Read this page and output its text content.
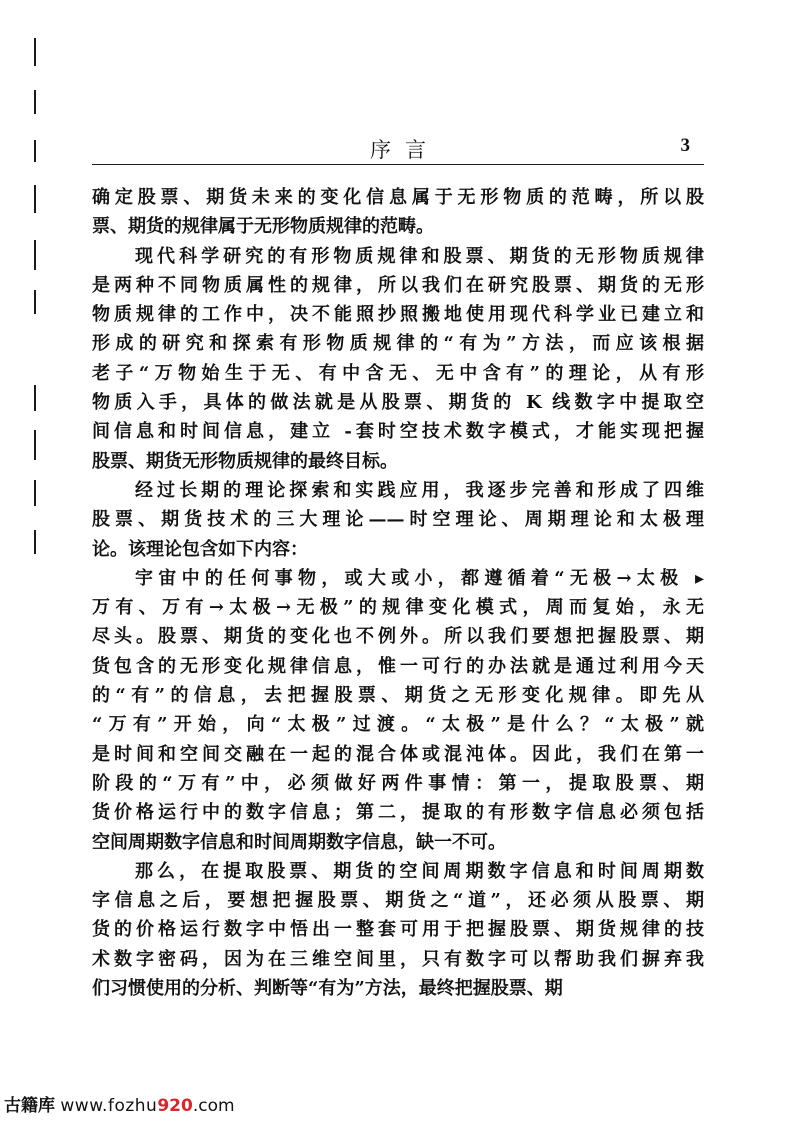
序言	3
确定股票、期货未来的变化信息属于无形物质的范畴，所以股
票、期货的规律属于无形物质规律的范畴。
现代科学研究的有形物质规律和股票、期货的无形物质规律
是两种不同物质属性的规律，所以我们在研究股票、期货的无形
物质规律的工作中，决不能照抄照搬地使用现代科学业已建立和
形成的研究和探索有形物质规律的“有为”方法，而应该根据
老子“万物始生于无、有中含无、无中含有”的理论，从有形
物质入手，具体的做法就是从股票、期货的 K 线数字中提取空
间信息和时间信息，建立 -套时空技术数字模式，才能实现把握
股票、期货无形物质规律的最终目标。
经过长期的理论探索和实践应用，我逐步完善和形成了四维
股票、期货技术的三大理论——时空理论、周期理论和太极理
论。该理论包含如下内容：
宇宙中的任何事物，或大或小，都遵循着“无极→太极 ▸
万有、万有→太极→无极”的规律变化模式，周而复始，永无
尽头。股票、期货的变化也不例外。所以我们要想把握股票、期
货包含的无形变化规律信息，惟一可行的办法就是通过利用今天
的“有”的信息，去把握股票、期货之无形变化规律。即先从
“万有”开始，向“太极”过渡。“太极”是什么？“太极”就
是时间和空间交融在一起的混合体或混沌体。因此，我们在第一
阶段的“万有”中，必须做好两件事情：第一，提取股票、期
货价格运行中的数字信息；第二，提取的有形数字信息必须包括
空间周期数字信息和时间周期数字信息，缺一不可。
那么，在提取股票、期货的空间周期数字信息和时间周期数
字信息之后，要想把握股票、期货之“道”，还必须从股票、期
货的价格运行数字中悟出一整套可用于把握股票、期货规律的技
术数字密码，因为在三维空间里，只有数字可以帮助我们摒弃我
们习惯使用的分析、判断等“有为”方法，最终把握股票、期
古籍库 www.fozhu920.com
